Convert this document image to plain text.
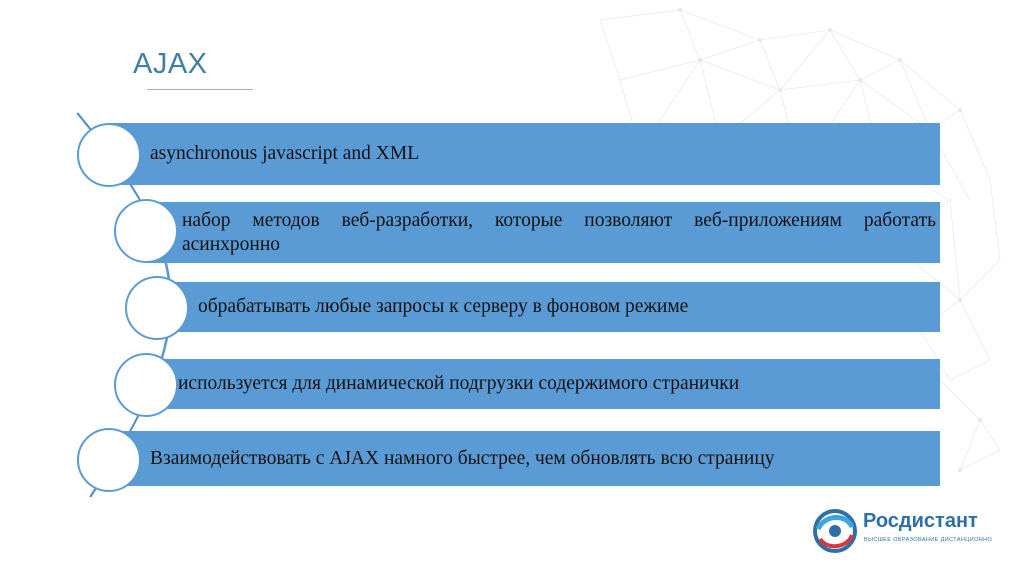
AJAX
asynchronous javascript and XML
набор методов веб-разработки, которые позволяют веб-приложениям работать асинхронно
обрабатывать любые запросы к серверу в фоновом режиме
используется для динамической подгрузки содержимого странички
Взаимодействовать с AJAX намного быстрее, чем обновлять всю страницу
Росдистант
ВЫСШЕЕ ОБРАЗОВАНИЕ ДИСТАНЦИОННО
